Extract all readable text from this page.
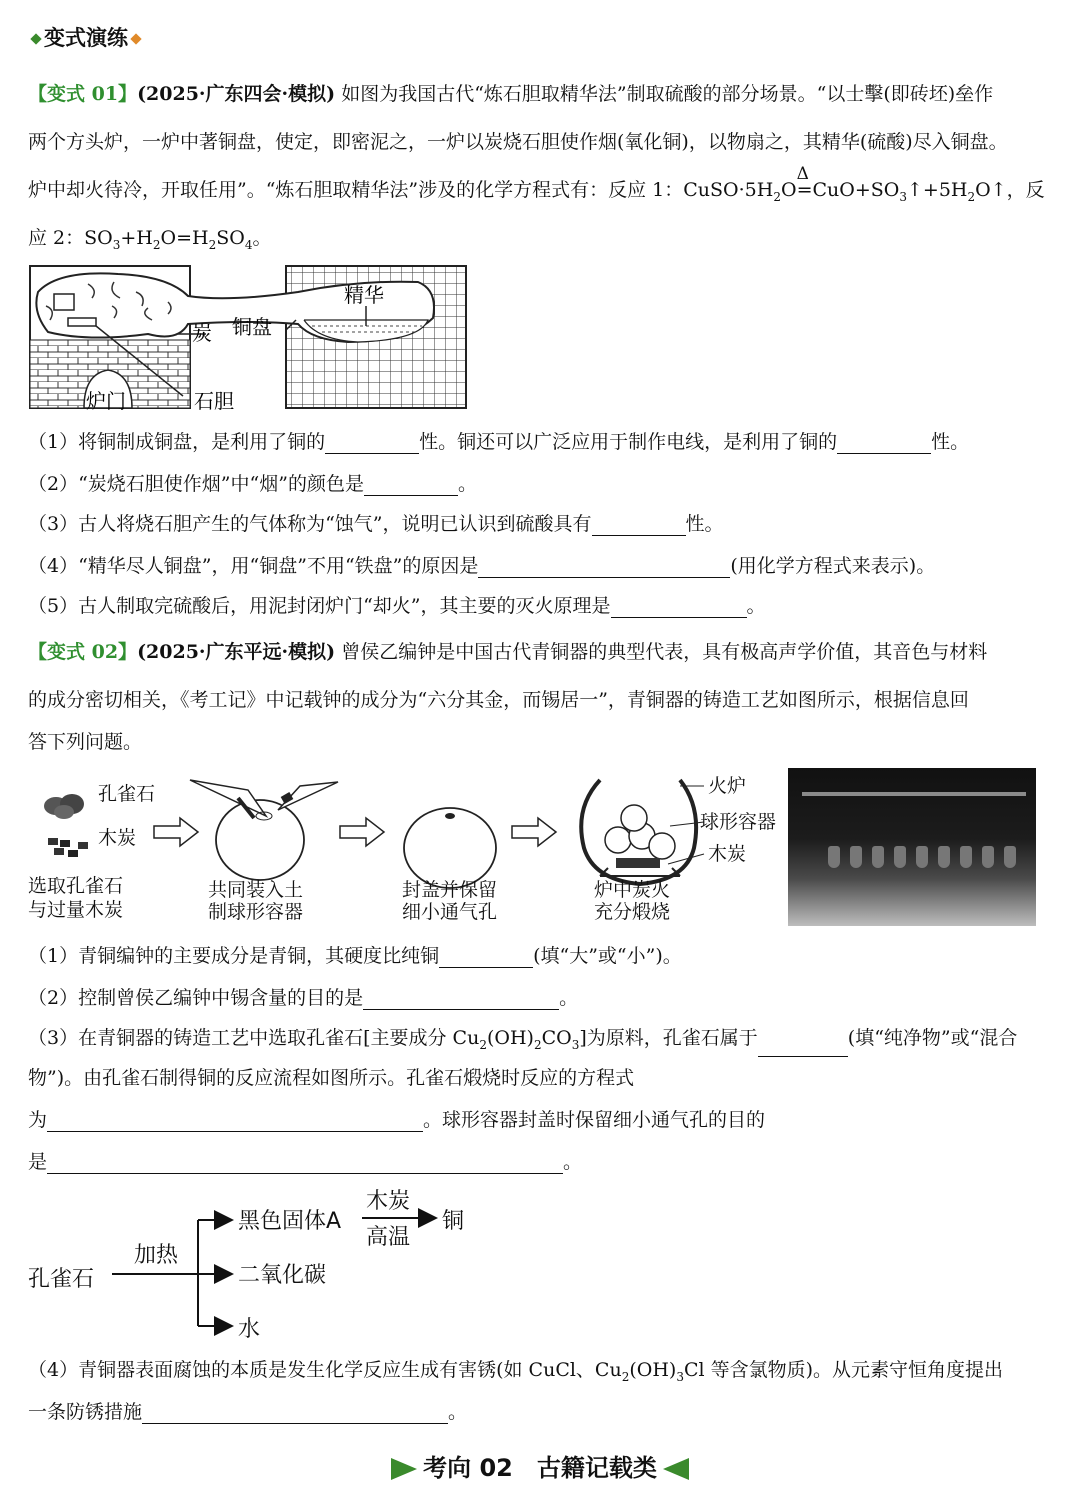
变式演练
【变式 01】(2025·广东四会·模拟) 如图为我国古代“炼石胆取精华法”制取硫酸的部分场景。“以士擊(即砖坯)垒作
两个方头炉，一炉中著铜盘，使定，即密泥之，一炉以炭烧石胆使作烟(氧化铜)，以物扇之，其精华(硫酸)尽入铜盘。
炉中却火待冷，开取任用”。“炼石胆取精华法”涉及的化学方程式有：反应 1：$CuSO\cdot 5H_2O$
Δ
$=CuO+SO_3↑+5H_2O↑$，反
应 2：$SO_3+H_2O=H_2SO_4$。
精华
炭 铜盘
炉门	石胆
（1）将铜制成铜盘，是利用了铜的	性。铜还可以广泛应用于制作电线，是利用了铜的	性。
（2）“炭烧石胆使作烟”中“烟”的颜色是	。
（3）古人将烧石胆产生的气体称为“蚀气”，说明已认识到硫酸具有	性。
（4）“精华尽人铜盘”，用“铜盘”不用“铁盘”的原因是	(用化学方程式来表示)。
（5）古人制取完硫酸后，用泥封闭炉门“却火”，其主要的灭火原理是	。
【变式 02】(2025·广东平远·模拟) 曾侯乙编钟是中国古代青铜器的典型代表，具有极高声学价值，其音色与材料
的成分密切相关，《考工记》中记载钟的成分为“六分其金，而锡居一”，青铜器的铸造工艺如图所示，根据信息回
答下列问题。
孔雀石
木炭
选取孔雀石
与过量木炭
共同装入土
制球形容器
封盖并保留
细小通气孔
火炉
球形容器
木炭
炉中炭火
充分煅烧
（1）青铜编钟的主要成分是青铜，其硬度比纯铜	(填“大”或“小”)。
（2）控制曾侯乙编钟中锡含量的目的是	。
（3）在青铜器的铸造工艺中选取孔雀石[主要成分 $Cu_2(OH)_2CO_3$]为原料，孔雀石属于	(填“纯净物”或“混合
物”)。由孔雀石制得铜的反应流程如图所示。孔雀石煅烧时反应的方程式
为	。球形容器封盖时保留细小通气孔的目的
是	。
孔雀石
加热
黑色固体A
木炭
高温
铜
二氧化碳
水
（4）青铜器表面腐蚀的本质是发生化学反应生成有害锈(如 CuCl、$Cu_2(OH)_3Cl$ 等含氯物质)。从元素守恒角度提出
一条防锈措施	。
考向 02　古籍记载类
